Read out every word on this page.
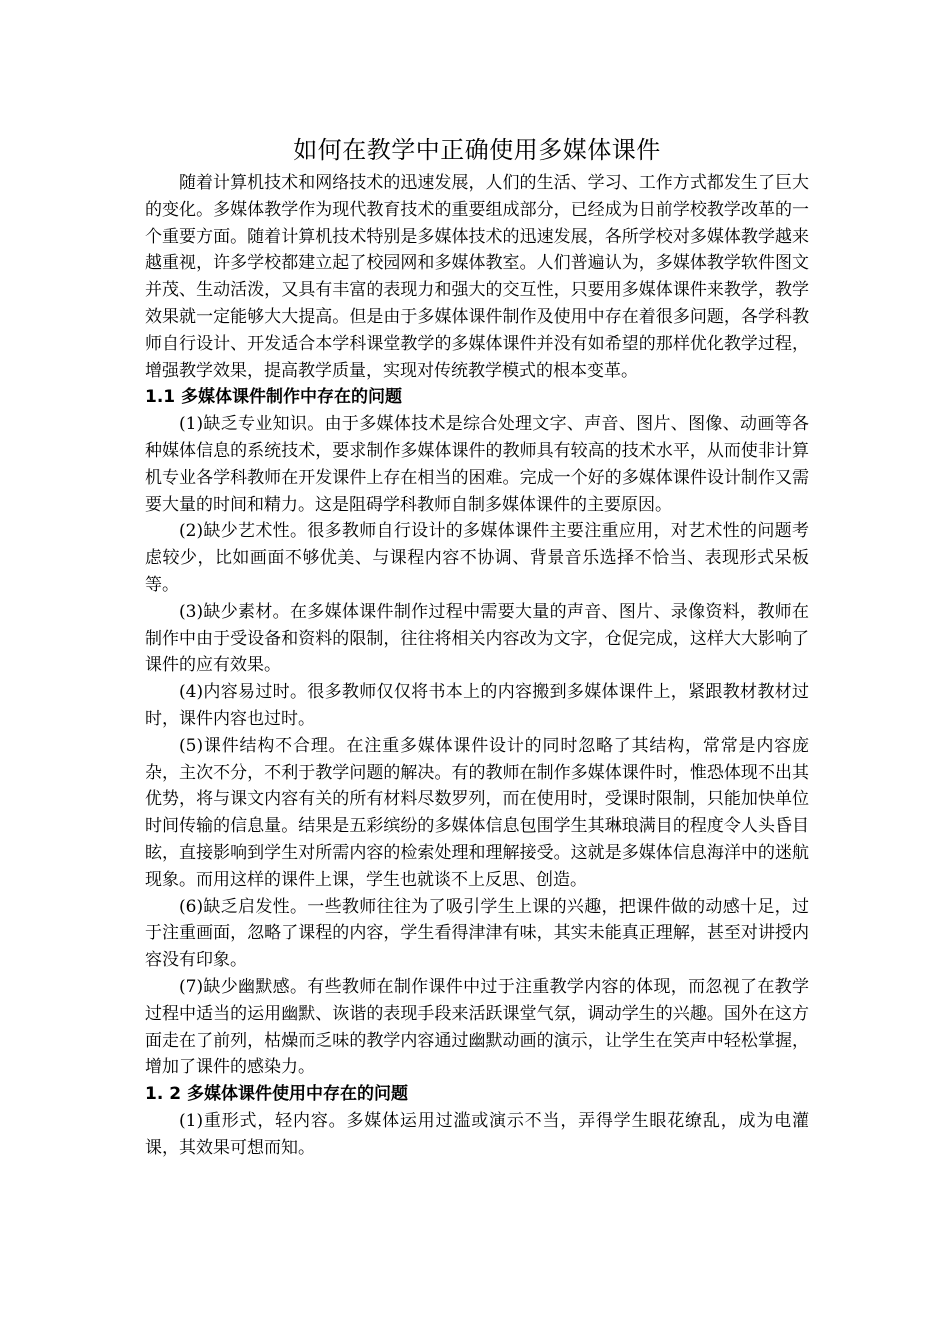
如何在教学中正确使用多媒体课件

随着计算机技术和网络技术的迅速发展，人们的生活、学习、工作方式都发生了巨大的变化。多媒体教学作为现代教育技术的重要组成部分，已经成为日前学校教学改革的一个重要方面。随着计算机技术特别是多媒体技术的迅速发展，各所学校对多媒体教学越来越重视，许多学校都建立起了校园网和多媒体教室。人们普遍认为，多媒体教学软件图文并茂、生动活泼，又具有丰富的表现力和强大的交互性，只要用多媒体课件来教学，教学效果就一定能够大大提高。但是由于多媒体课件制作及使用中存在着很多问题，各学科教师自行设计、开发适合本学科课堂教学的多媒体课件并没有如希望的那样优化教学过程，增强教学效果，提高教学质量，实现对传统教学模式的根本变革。

1.1 多媒体课件制作中存在的问题

(1)缺乏专业知识。由于多媒体技术是综合处理文字、声音、图片、图像、动画等各种媒体信息的系统技术，要求制作多媒体课件的教师具有较高的技术水平，从而使非计算机专业各学科教师在开发课件上存在相当的困难。完成一个好的多媒体课件设计制作又需要大量的时间和精力。这是阻碍学科教师自制多媒体课件的主要原因。

(2)缺少艺术性。很多教师自行设计的多媒体课件主要注重应用，对艺术性的问题考虑较少，比如画面不够优美、与课程内容不协调、背景音乐选择不恰当、表现形式呆板等。

(3)缺少素材。在多媒体课件制作过程中需要大量的声音、图片、录像资料，教师在制作中由于受设备和资料的限制，往往将相关内容改为文字，仓促完成，这样大大影响了课件的应有效果。

(4)内容易过时。很多教师仅仅将书本上的内容搬到多媒体课件上，紧跟教材教材过时，课件内容也过时。

(5)课件结构不合理。在注重多媒体课件设计的同时忽略了其结构，常常是内容庞杂，主次不分，不利于教学问题的解决。有的教师在制作多媒体课件时，惟恐体现不出其优势，将与课文内容有关的所有材料尽数罗列，而在使用时，受课时限制，只能加快单位时间传输的信息量。结果是五彩缤纷的多媒体信息包围学生其琳琅满目的程度令人头昏目眩，直接影响到学生对所需内容的检索处理和理解接受。这就是多媒体信息海洋中的迷航现象。而用这样的课件上课，学生也就谈不上反思、创造。

(6)缺乏启发性。一些教师往往为了吸引学生上课的兴趣，把课件做的动感十足，过于注重画面，忽略了课程的内容，学生看得津津有味，其实未能真正理解，甚至对讲授内容没有印象。

(7)缺少幽默感。有些教师在制作课件中过于注重教学内容的体现，而忽视了在教学过程中适当的运用幽默、诙谐的表现手段来活跃课堂气氛，调动学生的兴趣。国外在这方面走在了前列，枯燥而乏味的教学内容通过幽默动画的演示，让学生在笑声中轻松掌握，增加了课件的感染力。

1. 2 多媒体课件使用中存在的问题

(1)重形式，轻内容。多媒体运用过滥或演示不当，弄得学生眼花缭乱，成为电灌课，其效果可想而知。
